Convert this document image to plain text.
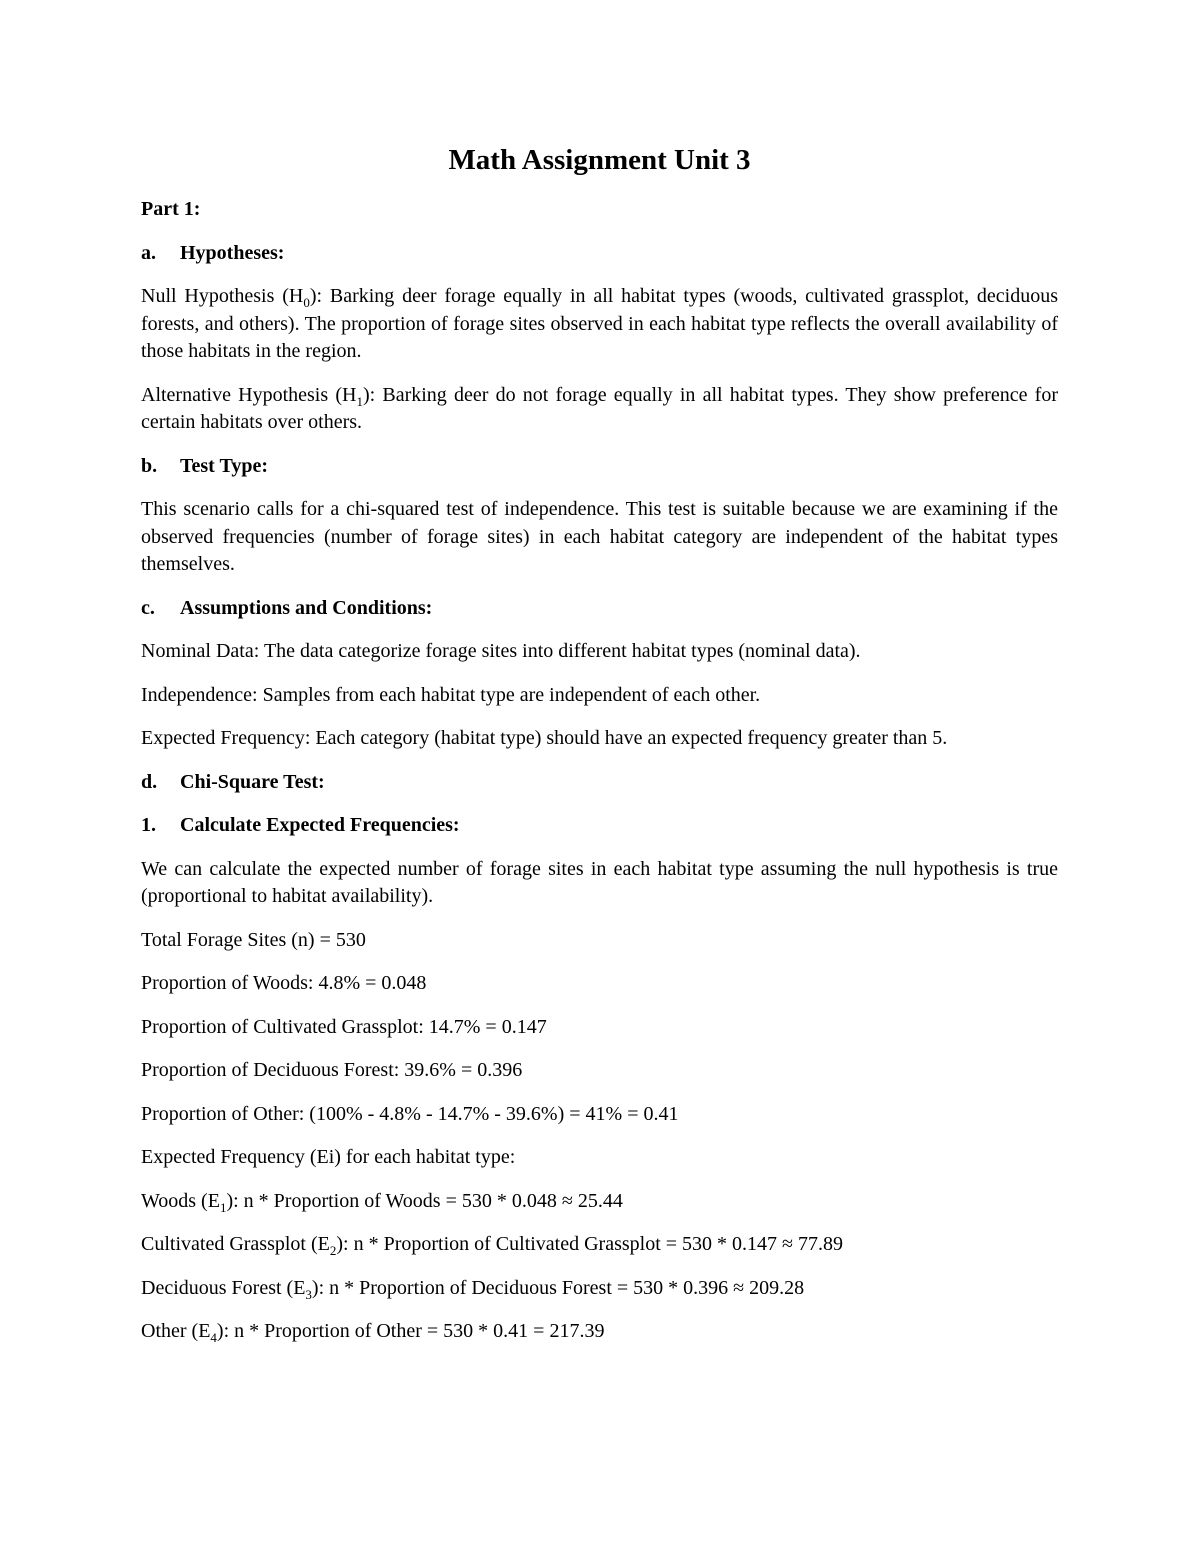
Math Assignment Unit 3

Part 1:

a.	Hypotheses:

Null Hypothesis $(H_0)$: Barking deer forage equally in all habitat types (woods, cultivated grassplot, deciduous forests, and others). The proportion of forage sites observed in each habitat type reflects the overall availability of those habitats in the region.

Alternative Hypothesis $(H_1)$: Barking deer do not forage equally in all habitat types. They show preference for certain habitats over others.

b.	Test Type:

This scenario calls for a chi-squared test of independence. This test is suitable because we are examining if the observed frequencies (number of forage sites) in each habitat category are independent of the habitat types themselves.

c.	Assumptions and Conditions:

Nominal Data: The data categorize forage sites into different habitat types (nominal data).

Independence: Samples from each habitat type are independent of each other.

Expected Frequency: Each category (habitat type) should have an expected frequency greater than 5.

d.	Chi-Square Test:

1.	Calculate Expected Frequencies:

We can calculate the expected number of forage sites in each habitat type assuming the null hypothesis is true (proportional to habitat availability).

Total Forage Sites (n) = 530

Proportion of Woods: 4.8% = 0.048

Proportion of Cultivated Grassplot: 14.7% = 0.147

Proportion of Deciduous Forest: 39.6% = 0.396

Proportion of Other: (100% - 4.8% - 14.7% - 39.6%) = 41% = 0.41

Expected Frequency (Ei) for each habitat type:

Woods $(E_1)$: n * Proportion of Woods = 530 * 0.048 ≈ 25.44

Cultivated Grassplot $(E_2)$: n * Proportion of Cultivated Grassplot = 530 * 0.147 ≈ 77.89

Deciduous Forest $(E_3)$: n * Proportion of Deciduous Forest = 530 * 0.396 ≈ 209.28

Other $(E_4)$: n * Proportion of Other = 530 * 0.41 = 217.39
